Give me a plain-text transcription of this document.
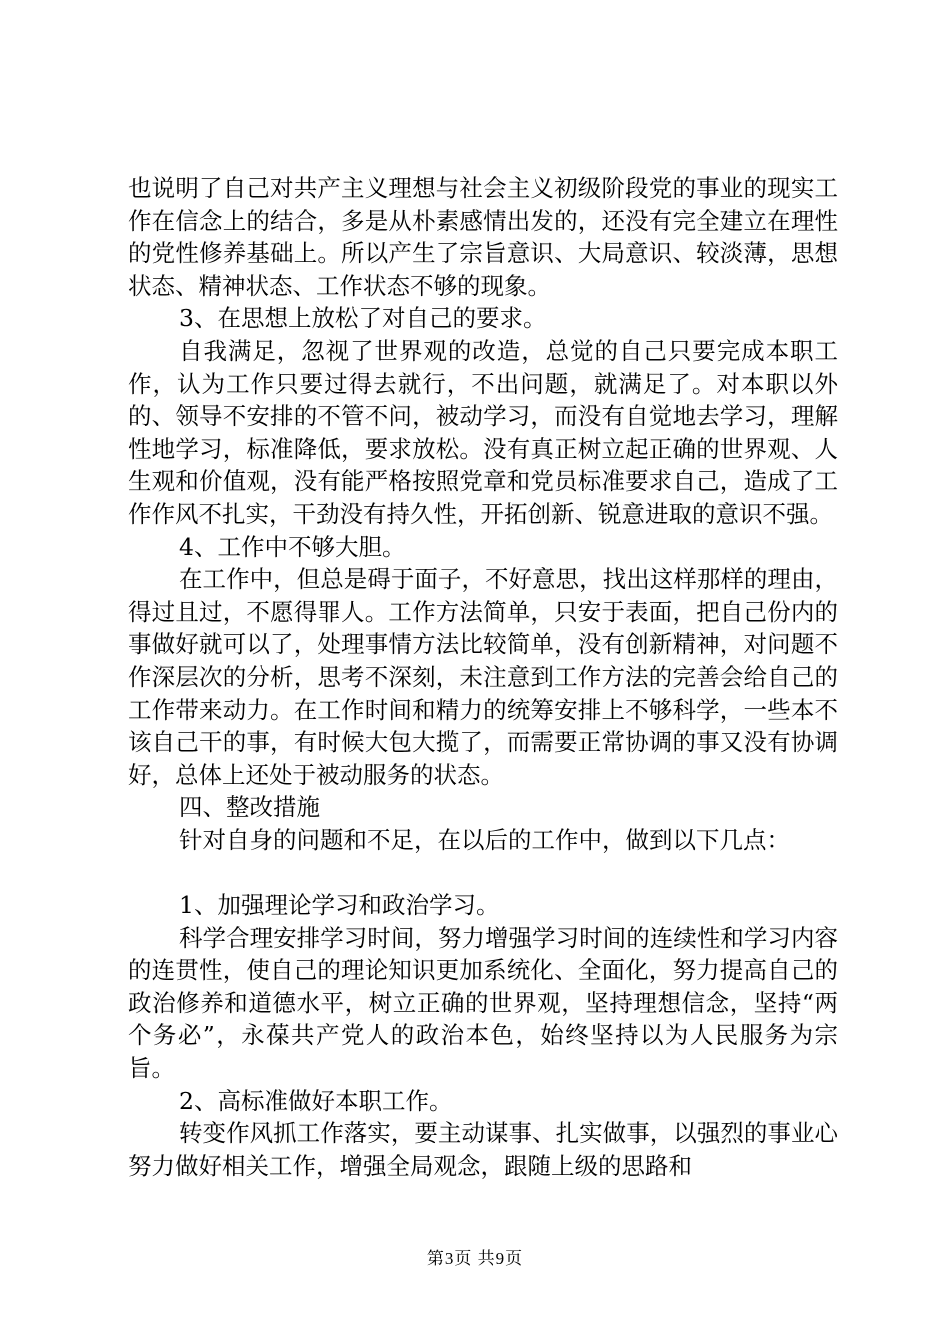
也说明了自己对共产主义理想与社会主义初级阶段党的事业的现实工作在信念上的结合，多是从朴素感情出发的，还没有完全建立在理性的党性修养基础上。所以产生了宗旨意识、大局意识、较淡薄，思想状态、精神状态、工作状态不够的现象。

3、在思想上放松了对自己的要求。

自我满足，忽视了世界观的改造，总觉的自己只要完成本职工作，认为工作只要过得去就行，不出问题，就满足了。对本职以外的、领导不安排的不管不问，被动学习，而没有自觉地去学习，理解性地学习，标准降低，要求放松。没有真正树立起正确的世界观、人生观和价值观，没有能严格按照党章和党员标准要求自己，造成了工作作风不扎实，干劲没有持久性，开拓创新、锐意进取的意识不强。

4、工作中不够大胆。

在工作中，但总是碍于面子，不好意思，找出这样那样的理由，得过且过，不愿得罪人。工作方法简单，只安于表面，把自己份内的事做好就可以了，处理事情方法比较简单，没有创新精神，对问题不作深层次的分析，思考不深刻，未注意到工作方法的完善会给自己的工作带来动力。在工作时间和精力的统筹安排上不够科学，一些本不该自己干的事，有时候大包大揽了，而需要正常协调的事又没有协调好，总体上还处于被动服务的状态。

四、整改措施

针对自身的问题和不足，在以后的工作中，做到以下几点：

1、加强理论学习和政治学习。

科学合理安排学习时间，努力增强学习时间的连续性和学习内容的连贯性，使自己的理论知识更加系统化、全面化，努力提高自己的政治修养和道德水平，树立正确的世界观，坚持理想信念，坚持“两个务必”，永葆共产党人的政治本色，始终坚持以为人民服务为宗旨。

2、高标准做好本职工作。

转变作风抓工作落实，要主动谋事、扎实做事，以强烈的事业心努力做好相关工作，增强全局观念，跟随上级的思路和

第3页 共9页
